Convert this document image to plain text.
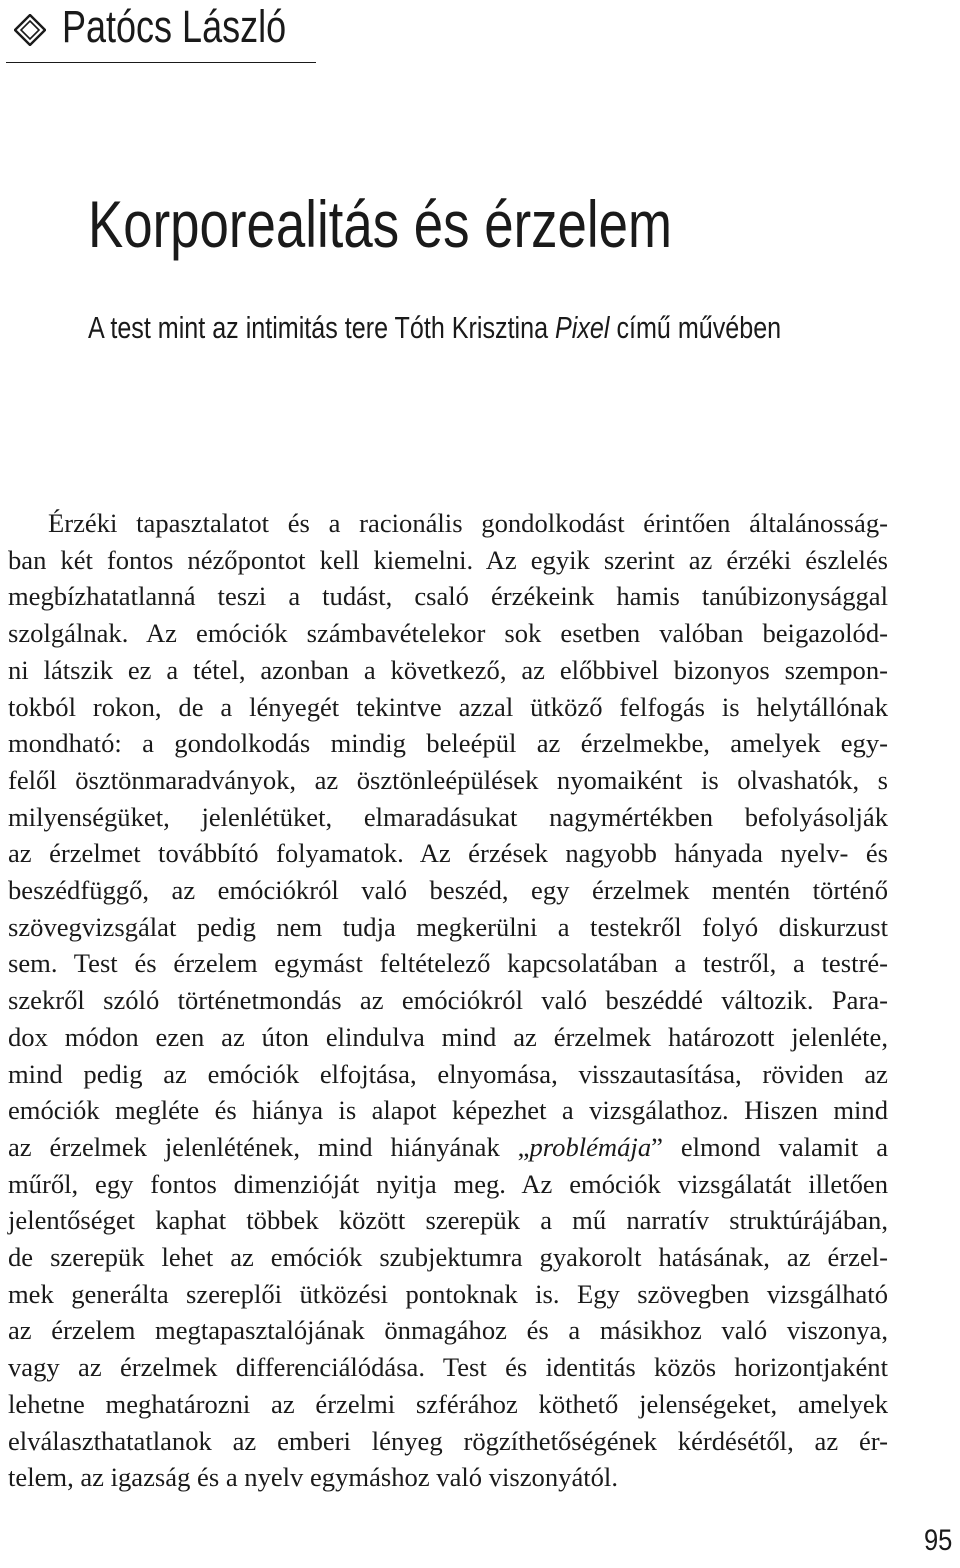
Patócs László
Korporealitás és érzelem
A test mint az intimitás tere Tóth Krisztina Pixel című művében
Érzéki tapasztalatot és a racionális gondolkodást érintően általánosság-
ban két fontos nézőpontot kell kiemelni. Az egyik szerint az érzéki észlelés
megbízhatatlanná teszi a tudást, csaló érzékeink hamis tanúbizonysággal
szolgálnak. Az emóciók számbavételekor sok esetben valóban beigazolód-
ni látszik ez a tétel, azonban a következő, az előbbivel bizonyos szempon-
tokból rokon, de a lényegét tekintve azzal ütköző felfogás is helytállónak
mondható: a gondolkodás mindig beleépül az érzelmekbe, amelyek egy-
felől ösztönmaradványok, az ösztönleépülések nyomaiként is olvashatók, s
milyenségüket, jelenlétüket, elmaradásukat nagymértékben befolyásolják
az érzelmet továbbító folyamatok. Az érzések nagyobb hányada nyelv- és
beszédfüggő, az emóciókról való beszéd, egy érzelmek mentén történő
szövegvizsgálat pedig nem tudja megkerülni a testekről folyó diskurzust
sem. Test és érzelem egymást feltételező kapcsolatában a testről, a testré-
szekről szóló történetmondás az emóciókról való beszéddé változik. Para-
dox módon ezen az úton elindulva mind az érzelmek határozott jelenléte,
mind pedig az emóciók elfojtása, elnyomása, visszautasítása, röviden az
emóciók megléte és hiánya is alapot képezhet a vizsgálathoz. Hiszen mind
az érzelmek jelenlétének, mind hiányának „problémája” elmond valamit a
műről, egy fontos dimenzióját nyitja meg. Az emóciók vizsgálatát illetően
jelentőséget kaphat többek között szerepük a mű narratív struktúrájában,
de szerepük lehet az emóciók szubjektumra gyakorolt hatásának, az érzel-
mek generálta szereplői ütközési pontoknak is. Egy szövegben vizsgálható
az érzelem megtapasztalójának önmagához és a másikhoz való viszonya,
vagy az érzelmek differenciálódása. Test és identitás közös horizontjaként
lehetne meghatározni az érzelmi szférához köthető jelenségeket, amelyek
elválaszthatatlanok az emberi lényeg rögzíthetőségének kérdésétől, az ér-
telem, az igazság és a nyelv egymáshoz való viszonyától.
95
